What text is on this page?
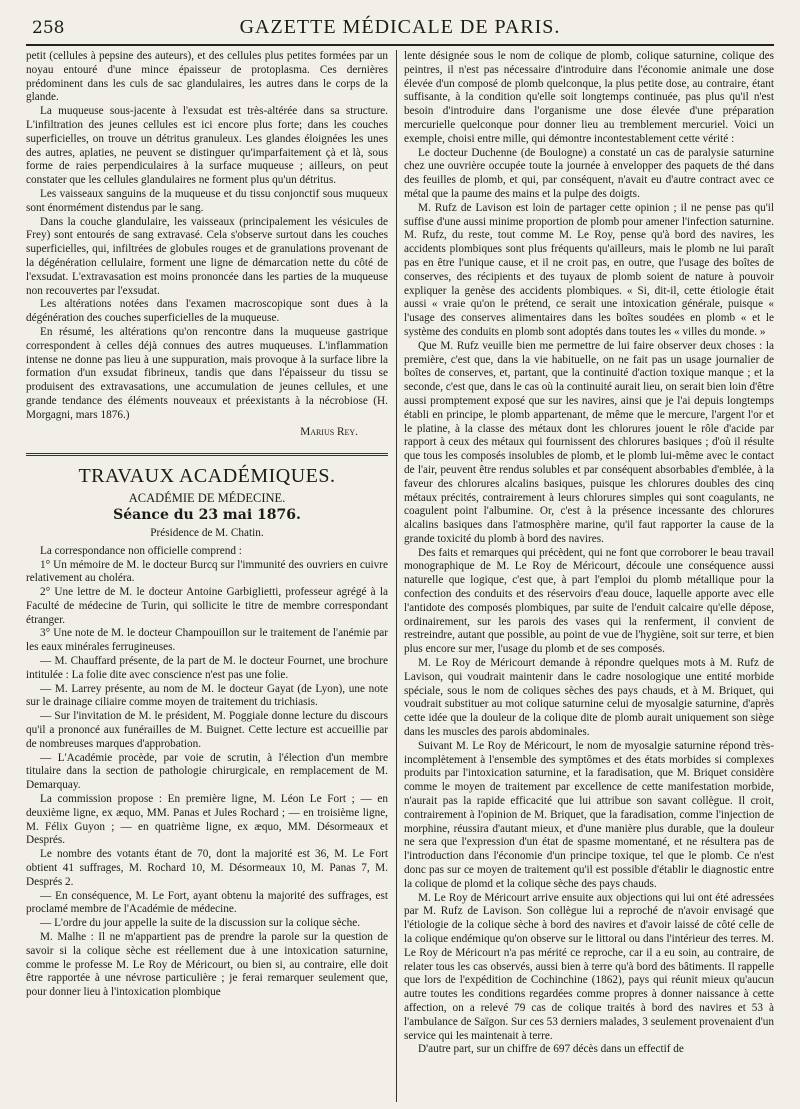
258	GAZETTE MÉDICALE DE PARIS.

petit (cellules à pepsine des auteurs), et des cellules plus petites formées par un noyau entouré d'une mince épaisseur de protoplasma. Ces dernières prédominent dans les culs de sac glandulaires, les autres dans le corps de la glande.

La muqueuse sous-jacente à l'exsudat est très-altérée dans sa structure. L'infiltration des jeunes cellules est ici encore plus forte; dans les couches superficielles, on trouve un détritus granuleux. Les glandes éloignées les unes des autres, aplaties, ne peuvent se distinguer qu'imparfaitement çà et là, sous forme de raies perpendiculaires à la surface muqueuse ; ailleurs, on peut constater que les cellules glandulaires ne forment plus qu'un détritus.

Les vaisseaux sanguins de la muqueuse et du tissu conjonctif sous muqueux sont énormément distendus par le sang.

Dans la couche glandulaire, les vaisseaux (principalement les vésicules de Frey) sont entourés de sang extravasé. Cela s'observe surtout dans les couches superficielles, qui, infiltrées de globules rouges et de granulations provenant de la dégénération cellulaire, forment une ligne de démarcation nette du côté de l'exsudat. L'extravasation est moins prononcée dans les parties de la muqueuse non recouvertes par l'exsudat.

Les altérations notées dans l'examen macroscopique sont dues à la dégénération des couches superficielles de la muqueuse.

En résumé, les altérations qu'on rencontre dans la muqueuse gastrique correspondent à celles déjà connues des autres muqueuses. L'inflammation intense ne donne pas lieu à une suppuration, mais provoque à la surface libre la formation d'un exsudat fibrineux, tandis que dans l'épaisseur du tissu se produisent des extravasations, une accumulation de jeunes cellules, et une grande tendance des éléments nouveaux et préexistants à la nécrobiose (H. Morgagni, mars 1876.)

Marius Rey.
TRAVAUX ACADÉMIQUES.
ACADÉMIE DE MÉDECINE.
Séance du 23 mai 1876.
Présidence de M. Chatin.

La correspondance non officielle comprend :

1° Un mémoire de M. le docteur Burcq sur l'immunité des ouvriers en cuivre relativement au choléra.

2° Une lettre de M. le docteur Antoine Garbiglietti, professeur agrégé à la Faculté de médecine de Turin, qui sollicite le titre de membre correspondant étranger.

3° Une note de M. le docteur Champouillon sur le traitement de l'anémie par les eaux minérales ferrugineuses.

— M. Chauffard présente, de la part de M. le docteur Fournet, une brochure intitulée : La folie dite avec conscience n'est pas une folie.

— M. Larrey présente, au nom de M. le docteur Gayat (de Lyon), une note sur le drainage ciliaire comme moyen de traitement du trichiasis.

— Sur l'invitation de M. le président, M. Poggiale donne lecture du discours qu'il a prononcé aux funérailles de M. Buignet. Cette lecture est accueillie par de nombreuses marques d'approbation.

— L'Académie procède, par voie de scrutin, à l'élection d'un membre titulaire dans la section de pathologie chirurgicale, en remplacement de M. Demarquay.

La commission propose : En première ligne, M. Léon Le Fort ; — en deuxième ligne, ex æquo, MM. Panas et Jules Rochard ; — en troisième ligne, M. Félix Guyon ; — en quatrième ligne, ex æquo, MM. Désormeaux et Després.

Le nombre des votants étant de 70, dont la majorité est 36, M. Le Fort obtient 41 suffrages, M. Rochard 10, M. Désormeaux 10, M. Panas 7, M. Després 2.

— En conséquence, M. Le Fort, ayant obtenu la majorité des suffrages, est proclamé membre de l'Académie de médecine.

— L'ordre du jour appelle la suite de la discussion sur la colique sèche.

M. Malhe : Il ne m'appartient pas de prendre la parole sur la question de savoir si la colique sèche est réellement due à une intoxication saturnine, comme le professe M. Le Roy de Méricourt, ou bien si, au contraire, elle doit être rapportée à une névrose particulière ; je ferai remarquer seulement que, pour donner lieu à l'intoxication plombique

lente désignée sous le nom de colique de plomb, colique saturnine, colique des peintres, il n'est pas nécessaire d'introduire dans l'économie animale une dose élevée d'un composé de plomb quelconque, la plus petite dose, au contraire, étant suffisante, à la condition qu'elle soit longtemps continuée, pas plus qu'il n'est besoin d'introduire dans l'organisme une dose élevée d'une préparation mercurielle quelconque pour donner lieu au tremblement mercuriel. Voici un exemple, choisi entre mille, qui démontre incontestablement cette vérité :

Le docteur Duchenne (de Boulogne) a constaté un cas de paralysie saturnine chez une ouvrière occupée toute la journée à envelopper des paquets de thé dans des feuilles de plomb, et qui, par conséquent, n'avait eu d'autre contract avec ce métal que la paume des mains et la pulpe des doigts.

M. Rufz de Lavison est loin de partager cette opinion ; il ne pense pas qu'il suffise d'une aussi minime proportion de plomb pour amener l'infection saturnine. M. Rufz, du reste, tout comme M. Le Roy, pense qu'à bord des navires, les accidents plombiques sont plus fréquents qu'ailleurs, mais le plomb ne lui paraît pas en être l'unique cause, et il ne croit pas, en outre, que l'usage des boîtes de conserves, des récipients et des tuyaux de plomb soient de nature à pouvoir expliquer la genèse des accidents plombiques. « Si, dit-il, cette étiologie était aussi « vraie qu'on le prétend, ce serait une intoxication générale, puisque « l'usage des conserves alimentaires dans les boîtes soudées en plomb « et le système des conduits en plomb sont adoptés dans toutes les « villes du monde. »

Que M. Rufz veuille bien me permettre de lui faire observer deux choses : la première, c'est que, dans la vie habituelle, on ne fait pas un usage journalier de boîtes de conserves, et, partant, que la continuité d'action toxique manque ; et la seconde, c'est que, dans le cas où la continuité aurait lieu, on serait bien loin d'être aussi promptement exposé que sur les navires, ainsi que je l'ai depuis longtemps établi en principe, le plomb appartenant, de même que le mercure, l'argent l'or et le platine, à la classe des métaux dont les chlorures jouent le rôle d'acide par rapport à ceux des métaux qui fournissent des chlorures basiques ; d'où il résulte que tous les composés insolubles de plomb, et le plomb lui-même avec le contact de l'air, peuvent être rendus solubles et par conséquent absorbables d'emblée, à la faveur des chlorures alcalins basiques, puisque les chlorures doubles des cinq métaux précités, contrairement à leurs chlorures simples qui sont coagulants, ne coagulent point l'albumine. Or, c'est à la présence incessante des chlorures alcalins basiques dans l'atmosphère marine, qu'il faut rapporter la cause de la grande toxicité du plomb à bord des navires.

Des faits et remarques qui précèdent, qui ne font que corroborer le beau travail monographique de M. Le Roy de Méricourt, découle une conséquence aussi naturelle que logique, c'est que, à part l'emploi du plomb métallique pour la confection des conduits et des réservoirs d'eau douce, laquelle apporte avec elle l'antidote des composés plombiques, par suite de l'enduit calcaire qu'elle dépose, ordinairement, sur les parois des vases qui la renferment, il convient de restreindre, autant que possible, au point de vue de l'hygiène, soit sur terre, et bien plus encore sur mer, l'usage du plomb et de ses composés.

M. Le Roy de Méricourt demande à répondre quelques mots à M. Rufz de Lavison, qui voudrait maintenir dans le cadre nosologique une entité morbide spéciale, sous le nom de coliques sèches des pays chauds, et à M. Briquet, qui voudrait substituer au mot colique saturnine celui de myosalgie saturnine, d'après cette idée que la douleur de la colique dite de plomb aurait uniquement son siège dans les muscles des parois abdominales.

Suivant M. Le Roy de Méricourt, le nom de myosalgie saturnine répond très-incomplètement à l'ensemble des symptômes et des états morbides si complexes produits par l'intoxication saturnine, et la faradisation, que M. Briquet considère comme le moyen de traitement par excellence de cette manifestation morbide, n'aurait pas la rapide efficacité que lui attribue son savant collègue. Il croit, contrairement à l'opinion de M. Briquet, que la faradisation, comme l'injection de morphine, réussira d'autant mieux, et d'une manière plus durable, que la douleur ne sera que l'expression d'un état de spasme momentané, et ne résultera pas de l'introduction dans l'économie d'un principe toxique, tel que le plomb. Ce n'est donc pas sur ce moyen de traitement qu'il est possible d'établir le diagnostic entre la colique de plomd et la colique sèche des pays chauds.

M. Le Roy de Méricourt arrive ensuite aux objections qui lui ont été adressées par M. Rufz de Lavison. Son collègue lui a reproché de n'avoir envisagé que l'étiologie de la colique sèche à bord des navires et d'avoir laissé de côté celle de la colique endémique qu'on observe sur le littoral ou dans l'intérieur des terres. M. Le Roy de Méricourt n'a pas mérité ce reproche, car il a eu soin, au contraire, de relater tous les cas observés, aussi bien à terre qu'à bord des bâtiments. Il rappelle que lors de l'expédition de Cochinchine (1862), pays qui réunit mieux qu'aucun autre toutes les conditions regardées comme propres à donner naissance à cette affection, on a relevé 79 cas de colique traités à bord des navires et 53 à l'ambulance de Saïgon. Sur ces 53 derniers malades, 3 seulement provenaient d'un service qui les maintenait à terre.

D'autre part, sur un chiffre de 697 décès dans un effectif de
